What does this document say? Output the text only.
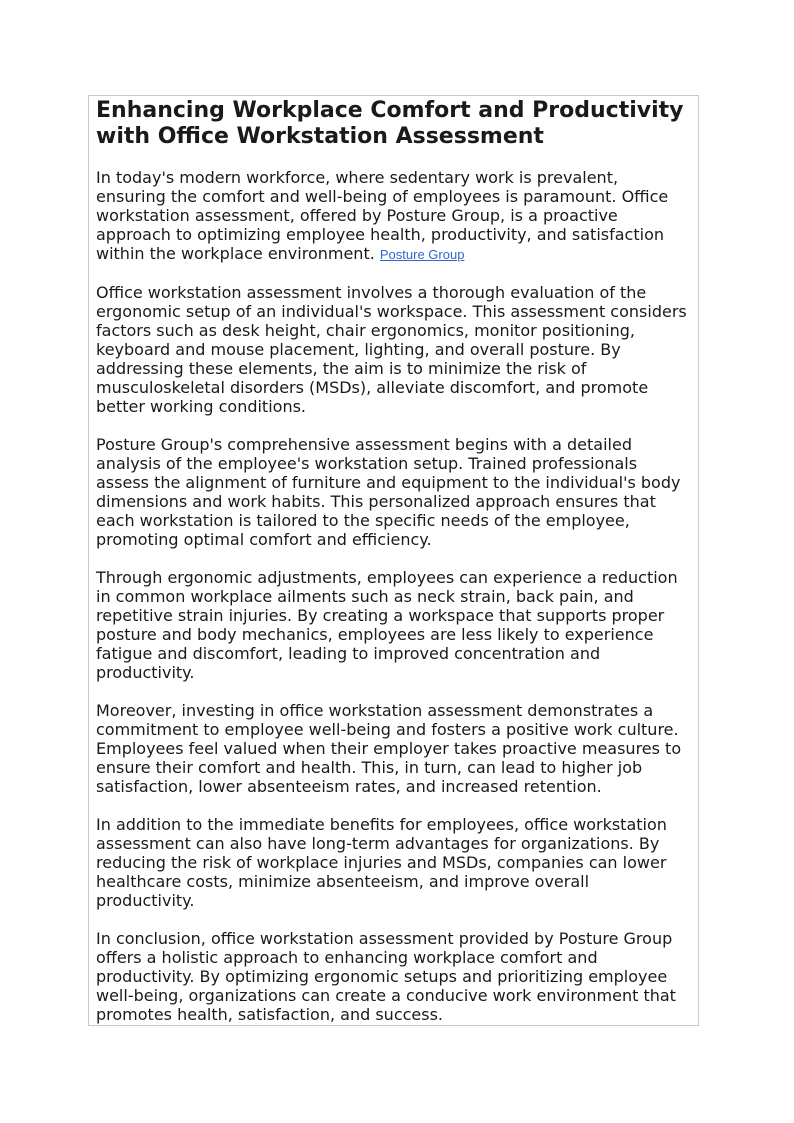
Enhancing Workplace Comfort and Productivity with Office Workstation Assessment

In today's modern workforce, where sedentary work is prevalent, ensuring the comfort and well-being of employees is paramount. Office workstation assessment, offered by Posture Group, is a proactive approach to optimizing employee health, productivity, and satisfaction within the workplace environment. Posture Group

Office workstation assessment involves a thorough evaluation of the ergonomic setup of an individual's workspace. This assessment considers factors such as desk height, chair ergonomics, monitor positioning, keyboard and mouse placement, lighting, and overall posture. By addressing these elements, the aim is to minimize the risk of musculoskeletal disorders (MSDs), alleviate discomfort, and promote better working conditions.

Posture Group's comprehensive assessment begins with a detailed analysis of the employee's workstation setup. Trained professionals assess the alignment of furniture and equipment to the individual's body dimensions and work habits. This personalized approach ensures that each workstation is tailored to the specific needs of the employee, promoting optimal comfort and efficiency.

Through ergonomic adjustments, employees can experience a reduction in common workplace ailments such as neck strain, back pain, and repetitive strain injuries. By creating a workspace that supports proper posture and body mechanics, employees are less likely to experience fatigue and discomfort, leading to improved concentration and productivity.

Moreover, investing in office workstation assessment demonstrates a commitment to employee well-being and fosters a positive work culture. Employees feel valued when their employer takes proactive measures to ensure their comfort and health. This, in turn, can lead to higher job satisfaction, lower absenteeism rates, and increased retention.

In addition to the immediate benefits for employees, office workstation assessment can also have long-term advantages for organizations. By reducing the risk of workplace injuries and MSDs, companies can lower healthcare costs, minimize absenteeism, and improve overall productivity.

In conclusion, office workstation assessment provided by Posture Group offers a holistic approach to enhancing workplace comfort and productivity. By optimizing ergonomic setups and prioritizing employee well-being, organizations can create a conducive work environment that promotes health, satisfaction, and success.
